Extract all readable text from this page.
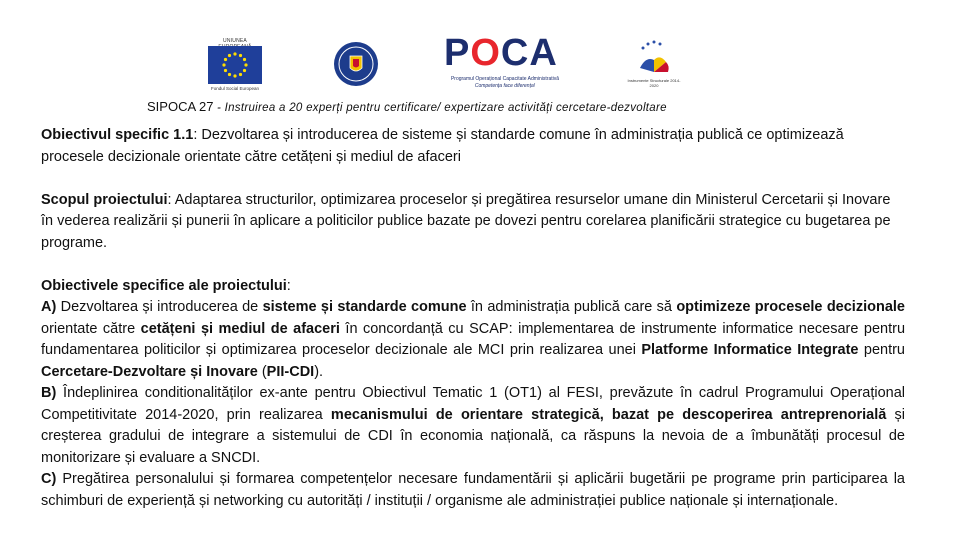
UNIUNEA
Fondul Social European
POCA
Programul Operațional Capacitate Administrativă
Competența face diferența!
Instrumente Structurale 2014-2020
SIPOCA 27 - Instruirea a 20 experți pentru certificare/ expertizare activități cercetare-dezvoltare

Obiectivul specific 1.1: Dezvoltarea și introducerea de sisteme și standarde comune în administrația publică ce optimizează procesele decizionale orientate către cetățeni și mediul de afaceri

Scopul proiectului: Adaptarea structurilor, optimizarea proceselor și pregătirea resurselor umane din Ministerul Cercetarii și Inovare în vederea realizării și punerii în aplicare a politicilor publice bazate pe dovezi pentru corelarea planificării strategice cu bugetarea pe programe.

Obiectivele specifice ale proiectului:

A) Dezvoltarea și introducerea de sisteme și standarde comune în administrația publică care să optimizeze procesele decizionale orientate către cetățeni și mediul de afaceri în concordanță cu SCAP: implementarea de instrumente informatice necesare pentru fundamentarea politicilor și optimizarea proceselor decizionale ale MCI prin realizarea unei Platforme Informatice Integrate pentru Cercetare-Dezvoltare și Inovare (PII-CDI).

B) Îndeplinirea conditionalităților ex-ante pentru Obiectivul Tematic 1 (OT1) al FESI, prevăzute în cadrul Programului Operațional Competitivitate 2014-2020, prin realizarea mecanismului de orientare strategică, bazat pe descoperirea antreprenorială și creșterea gradului de integrare a sistemului de CDI în economia națională, ca răspuns la nevoia de a îmbunătăți procesul de monitorizare și evaluare a SNCDI.

C) Pregătirea personalului și formarea competențelor necesare fundamentării și aplicării bugetării pe programe prin participarea la schimburi de experiență și networking cu autorități / instituții / organisme ale administrației publice naționale și internaționale.
